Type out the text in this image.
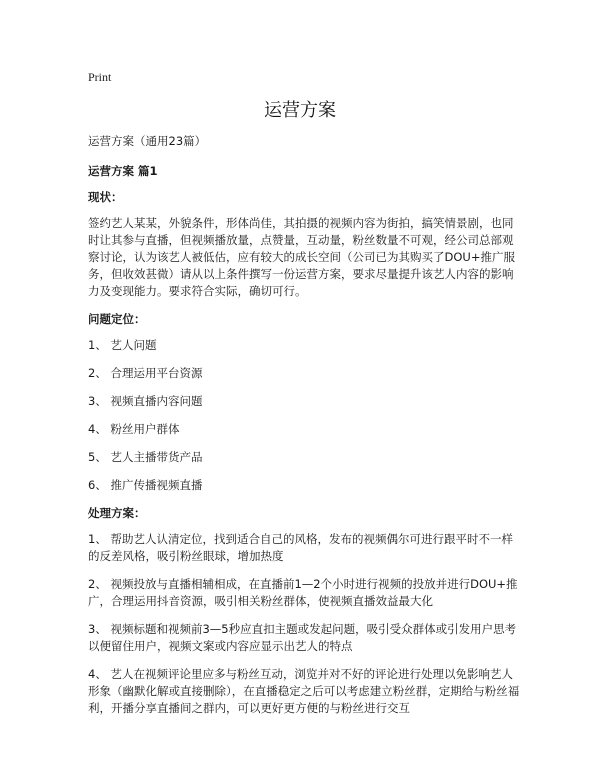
Print
运营方案

运营方案（通用23篇）

运营方案 篇1

现状：

签约艺人某某，外貌条件，形体尚佳，其拍摄的视频内容为街拍，搞笑情景剧，也同时让其参与直播，但视频播放量，点赞量，互动量，粉丝数量不可观，经公司总部观察讨论，认为该艺人被低估，应有较大的成长空间（公司已为其购买了DOU+推广服务，但收效甚微）请从以上条件撰写一份运营方案，要求尽量提升该艺人内容的影响力及变现能力。要求符合实际，确切可行。

问题定位：

1、 艺人问题

2、 合理运用平台资源

3、 视频直播内容问题

4、 粉丝用户群体

5、 艺人主播带货产品

6、 推广传播视频直播

处理方案：

1、 帮助艺人认清定位，找到适合自己的风格，发布的视频偶尔可进行跟平时不一样的反差风格，吸引粉丝眼球，增加热度

2、 视频投放与直播相辅相成，在直播前1—2个小时进行视频的投放并进行DOU+推广，合理运用抖音资源，吸引相关粉丝群体，使视频直播效益最大化

3、 视频标题和视频前3—5秒应直扣主题或发起问题，吸引受众群体或引发用户思考以便留住用户，视频文案或内容应显示出艺人的特点

4、 艺人在视频评论里应多与粉丝互动，浏览并对不好的评论进行处理以免影响艺人形象（幽默化解或直接删除），在直播稳定之后可以考虑建立粉丝群，定期给与粉丝福利，开播分享直播间之群内，可以更好更方便的与粉丝进行交互
